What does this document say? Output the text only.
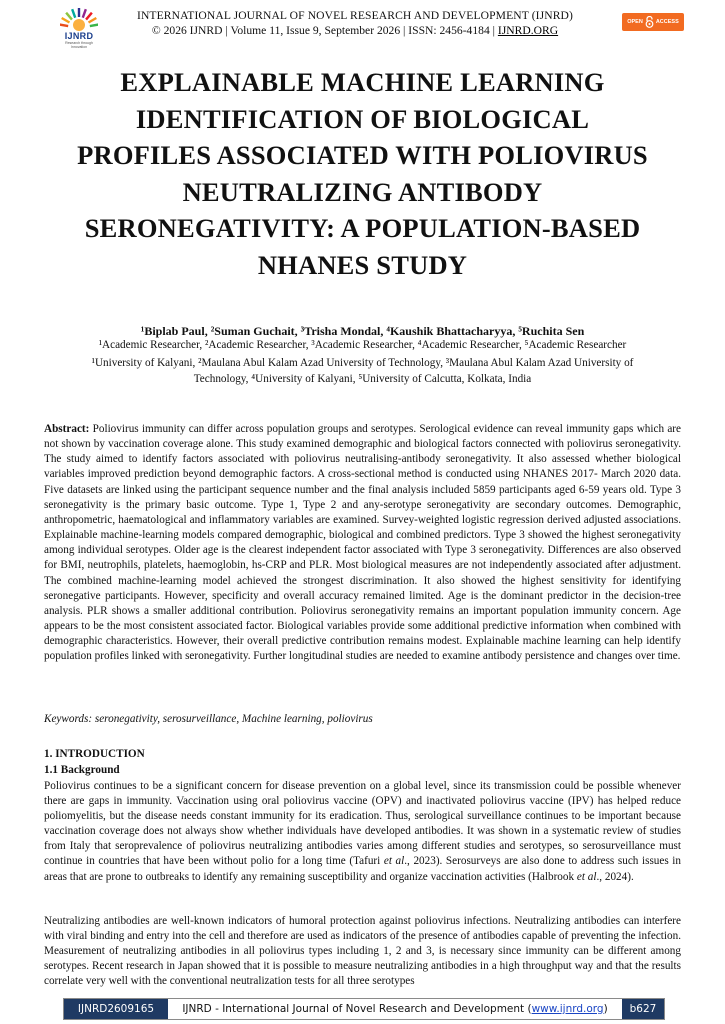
IJNRD
Research through Innovation
INTERNATIONAL JOURNAL OF NOVEL RESEARCH AND DEVELOPMENT (IJNRD)
© 2026 IJNRD | Volume 11, Issue 9, September 2026 | ISSN: 2456-4184 | IJNRD.ORG
OPEN ACCESS
EXPLAINABLE MACHINE LEARNING
IDENTIFICATION OF BIOLOGICAL
PROFILES ASSOCIATED WITH POLIOVIRUS
NEUTRALIZING ANTIBODY
SERONEGATIVITY: A POPULATION-BASED
NHANES STUDY
¹Biplab Paul, ²Suman Guchait, ³Trisha Mondal, ⁴Kaushik Bhattacharyya, ⁵Ruchita Sen
¹Academic Researcher, ²Academic Researcher, ³Academic Researcher, ⁴Academic Researcher, ⁵Academic Researcher
¹University of Kalyani, ²Maulana Abul Kalam Azad University of Technology, ³Maulana Abul Kalam Azad University of
Technology, ⁴University of Kalyani, ⁵University of Calcutta, Kolkata, India
Abstract: Poliovirus immunity can differ across population groups and serotypes. Serological evidence can reveal immunity gaps which are not shown by vaccination coverage alone. This study examined demographic and biological factors connected with poliovirus seronegativity. The study aimed to identify factors associated with poliovirus neutralising-antibody seronegativity. It also assessed whether biological variables improved prediction beyond demographic factors. A cross-sectional method is conducted using NHANES 2017- March 2020 data. Five datasets are linked using the participant sequence number and the final analysis included 5859 participants aged 6-59 years old. Type 3 seronegativity is the primary basic outcome. Type 1, Type 2 and any-serotype seronegativity are secondary outcomes. Demographic, anthropometric, haematological and inflammatory variables are examined. Survey-weighted logistic regression derived adjusted associations. Explainable machine-learning models compared demographic, biological and combined predictors. Type 3 showed the highest seronegativity among individual serotypes. Older age is the clearest independent factor associated with Type 3 seronegativity. Differences are also observed for BMI, neutrophils, platelets, haemoglobin, hs-CRP and PLR. Most biological measures are not independently associated after adjustment. The combined machine-learning model achieved the strongest discrimination. It also showed the highest sensitivity for identifying seronegative participants. However, specificity and overall accuracy remained limited. Age is the dominant predictor in the decision-tree analysis. PLR shows a smaller additional contribution. Poliovirus seronegativity remains an important population immunity concern. Age appears to be the most consistent associated factor. Biological variables provide some additional predictive information when combined with demographic characteristics. However, their overall predictive contribution remains modest. Explainable machine learning can help identify population profiles linked with seronegativity. Further longitudinal studies are needed to examine antibody persistence and changes over time.
Keywords: seronegativity, serosurveillance, Machine learning, poliovirus
1. INTRODUCTION
1.1 Background
Poliovirus continues to be a significant concern for disease prevention on a global level, since its transmission could be possible whenever there are gaps in immunity. Vaccination using oral poliovirus vaccine (OPV) and inactivated poliovirus vaccine (IPV) has helped reduce poliomyelitis, but the disease needs constant immunity for its eradication. Thus, serological surveillance continues to be important because vaccination coverage does not always show whether individuals have developed antibodies. It was shown in a systematic review of studies from Italy that seroprevalence of poliovirus neutralizing antibodies varies among different studies and serotypes, so serosurveillance must continue in countries that have been without polio for a long time (Tafuri et al., 2023). Serosurveys are also done to address such issues in areas that are prone to outbreaks to identify any remaining susceptibility and organize vaccination activities (Halbrook et al., 2024).
Neutralizing antibodies are well-known indicators of humoral protection against poliovirus infections. Neutralizing antibodies can interfere with viral binding and entry into the cell and therefore are used as indicators of the presence of antibodies capable of preventing the infection. Measurement of neutralizing antibodies in all poliovirus types including 1, 2 and 3, is necessary since immunity can be different among serotypes. Recent research in Japan showed that it is possible to measure neutralizing antibodies in a high throughput way and that the results correlate very well with the conventional neutralization tests for all three serotypes
IJNRD2609165	IJNRD - International Journal of Novel Research and Development ( www.ijnrd.org )	b627
